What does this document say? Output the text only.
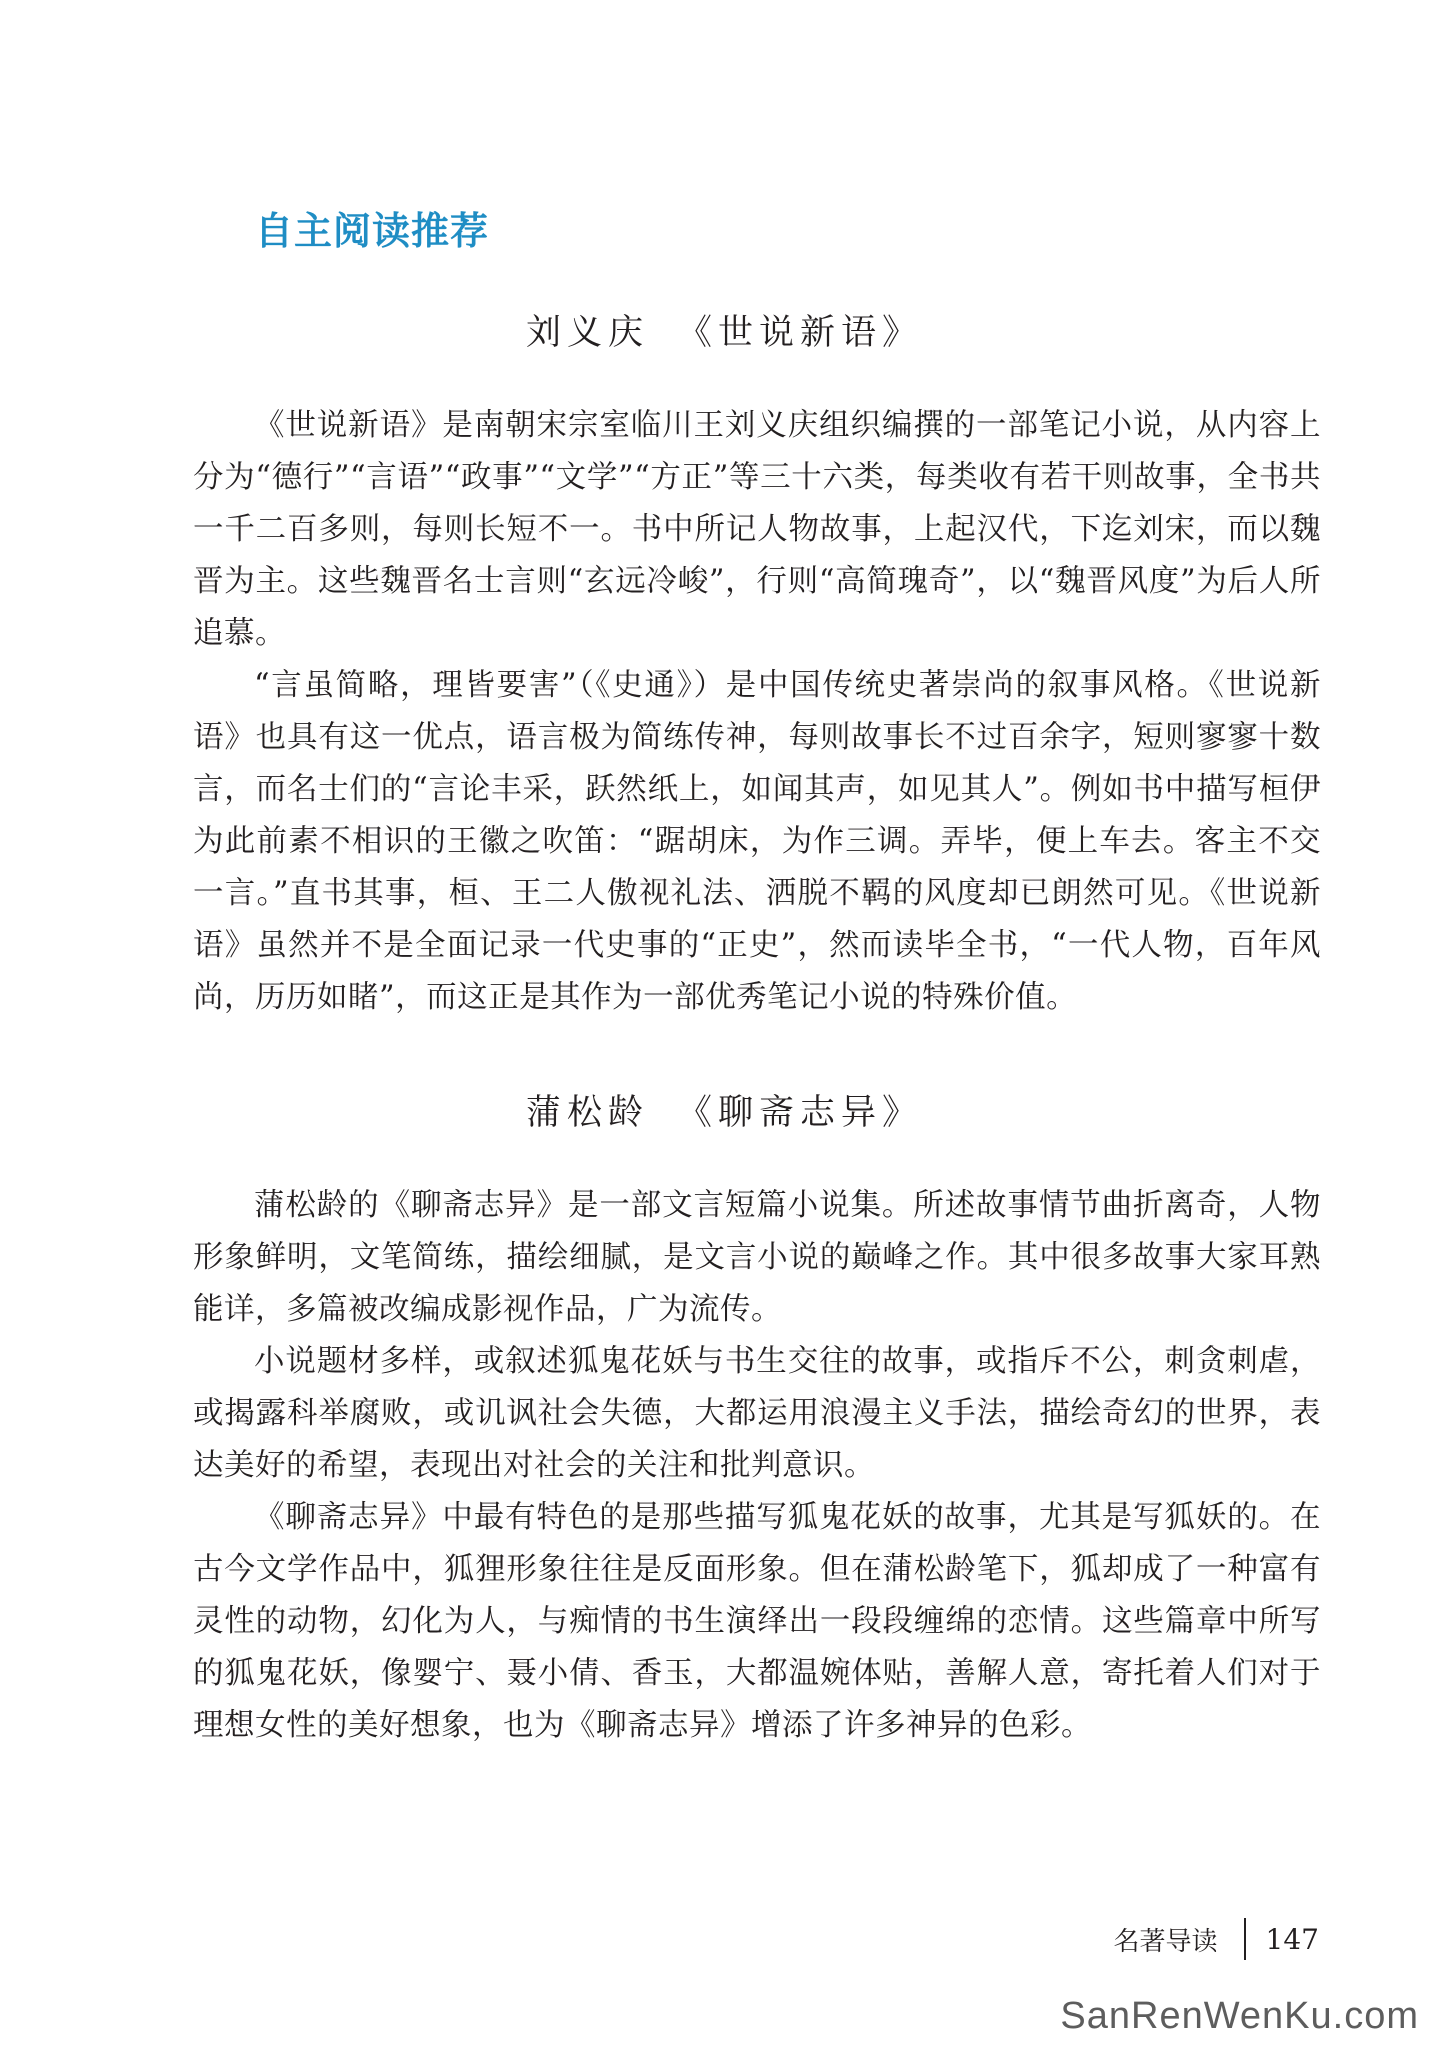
自主阅读推荐
刘义庆 《世说新语》

《世说新语》是南朝宋宗室临川王刘义庆组织编撰的一部笔记小说，从内容上分为“德行”“言语”“政事”“文学”“方正”等三十六类，每类收有若干则故事，全书共一千二百多则，每则长短不一。书中所记人物故事，上起汉代，下迄刘宋，而以魏晋为主。这些魏晋名士言则“玄远冷峻”，行则“高简瑰奇”，以“魏晋风度”为后人所追慕。

“言虽简略，理皆要害”（《史通》）是中国传统史著崇尚的叙事风格。《世说新语》也具有这一优点，语言极为简练传神，每则故事长不过百余字，短则寥寥十数言，而名士们的“言论丰采，跃然纸上，如闻其声，如见其人”。例如书中描写桓伊为此前素不相识的王徽之吹笛：“踞胡床，为作三调。弄毕，便上车去。客主不交一言。”直书其事，桓、王二人傲视礼法、洒脱不羁的风度却已朗然可见。《世说新语》虽然并不是全面记录一代史事的“正史”，然而读毕全书，“一代人物，百年风尚，历历如睹”，而这正是其作为一部优秀笔记小说的特殊价值。

蒲松龄 《聊斋志异》

蒲松龄的《聊斋志异》是一部文言短篇小说集。所述故事情节曲折离奇，人物形象鲜明，文笔简练，描绘细腻，是文言小说的巅峰之作。其中很多故事大家耳熟能详，多篇被改编成影视作品，广为流传。

小说题材多样，或叙述狐鬼花妖与书生交往的故事，或指斥不公，刺贪刺虐，或揭露科举腐败，或讥讽社会失德，大都运用浪漫主义手法，描绘奇幻的世界，表达美好的希望，表现出对社会的关注和批判意识。

《聊斋志异》中最有特色的是那些描写狐鬼花妖的故事，尤其是写狐妖的。在古今文学作品中，狐狸形象往往是反面形象。但在蒲松龄笔下，狐却成了一种富有灵性的动物，幻化为人，与痴情的书生演绎出一段段缠绵的恋情。这些篇章中所写的狐鬼花妖，像婴宁、聂小倩、香玉，大都温婉体贴，善解人意，寄托着人们对于理想女性的美好想象，也为《聊斋志异》增添了许多神异的色彩。

名著导读	147
SanRenWenKu.com
